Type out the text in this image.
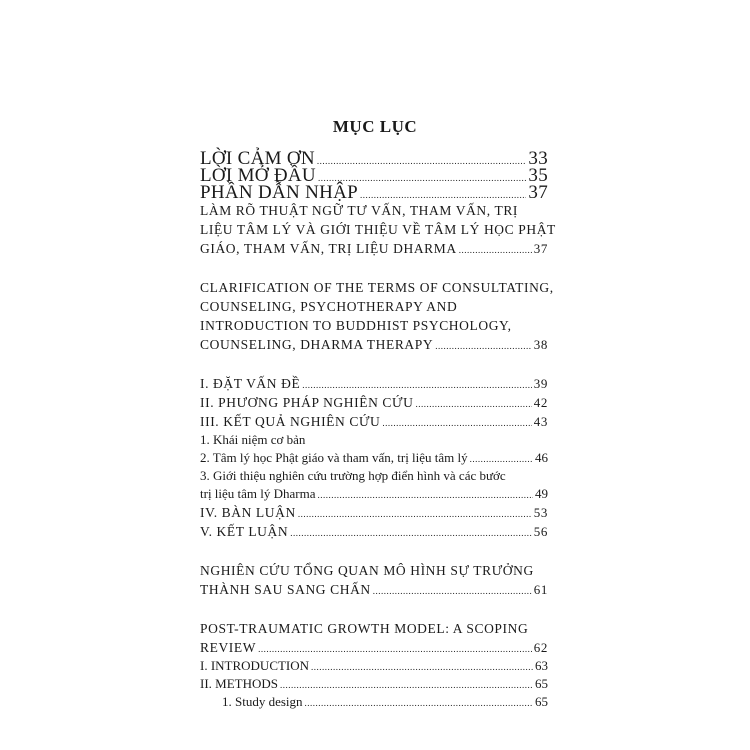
MỤC LỤC
LỜI CẢM ƠN .....	33
LỜI MỞ ĐẦU .....	35
PHẦN DẪN NHẬP .....	37
LÀM RÕ THUẬT NGỮ TƯ VẤN, THAM VẤN, TRỊ
LIỆU TÂM LÝ VÀ GIỚI THIỆU VỀ TÂM LÝ HỌC PHẬT
GIÁO, THAM VẤN, TRỊ LIỆU DHARMA .....	37
CLARIFICATION OF THE TERMS OF CONSULTATING,
COUNSELING, PSYCHOTHERAPY AND
INTRODUCTION TO BUDDHIST PSYCHOLOGY,
COUNSELING, DHARMA THERAPY .....	38
I. ĐẶT VẤN ĐỀ .....	39
II. PHƯƠNG PHÁP NGHIÊN CỨU .....	42
III. KẾT QUẢ NGHIÊN CỨU .....	43
1. Khái niệm cơ bản
2. Tâm lý học Phật giáo và tham vấn, trị liệu tâm lý .....	46
3. Giới thiệu nghiên cứu trường hợp điển hình và các bước
trị liệu tâm lý Dharma .....	49
IV. BÀN LUẬN .....	53
V. KẾT LUẬN .....	56
NGHIÊN CỨU TỔNG QUAN MÔ HÌNH SỰ TRƯỞNG
THÀNH SAU SANG CHẤN .....	61
POST-TRAUMATIC GROWTH MODEL: A SCOPING
REVIEW .....	62
I. INTRODUCTION .....	63
II. METHODS .....	65
1. Study design .....	65
